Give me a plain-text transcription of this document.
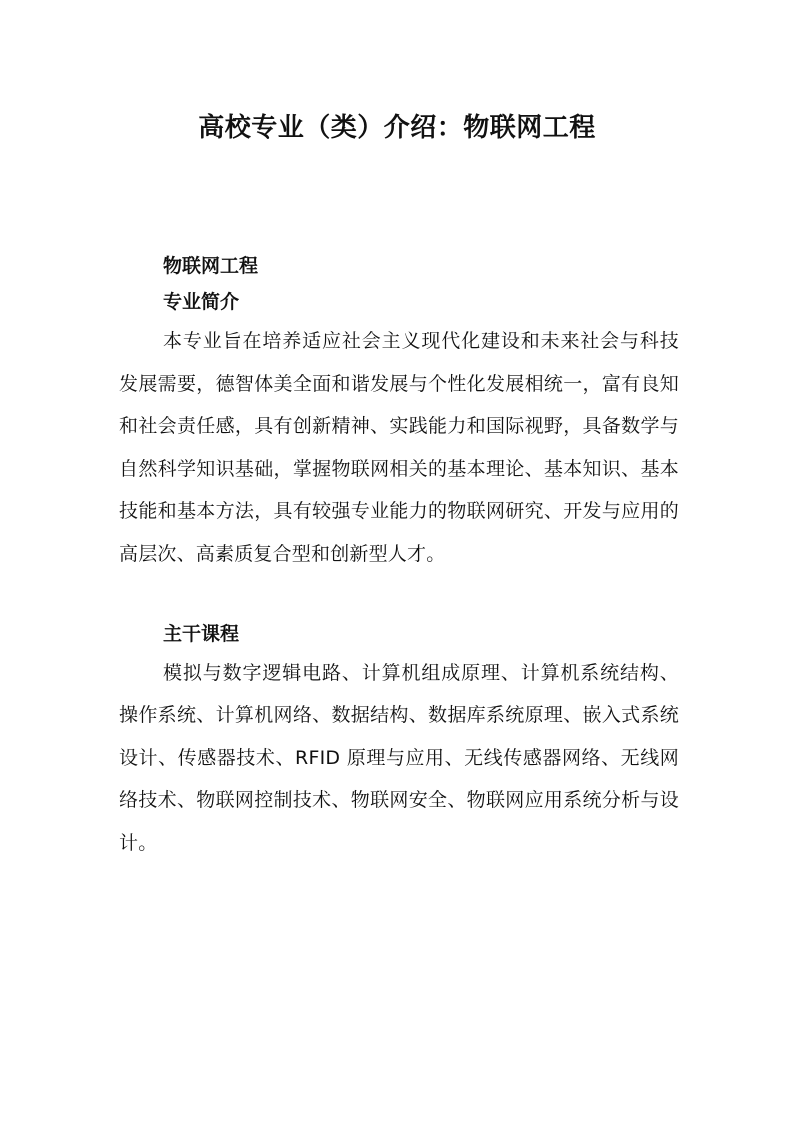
高校专业（类）介绍：物联网工程

物联网工程

专业简介

本专业旨在培养适应社会主义现代化建设和未来社会与科技发展需要，德智体美全面和谐发展与个性化发展相统一，富有良知和社会责任感，具有创新精神、实践能力和国际视野，具备数学与自然科学知识基础，掌握物联网相关的基本理论、基本知识、基本技能和基本方法，具有较强专业能力的物联网研究、开发与应用的高层次、高素质复合型和创新型人才。

主干课程

模拟与数字逻辑电路、计算机组成原理、计算机系统结构、操作系统、计算机网络、数据结构、数据库系统原理、嵌入式系统设计、传感器技术、RFID 原理与应用、无线传感器网络、无线网络技术、物联网控制技术、物联网安全、物联网应用系统分析与设计。
